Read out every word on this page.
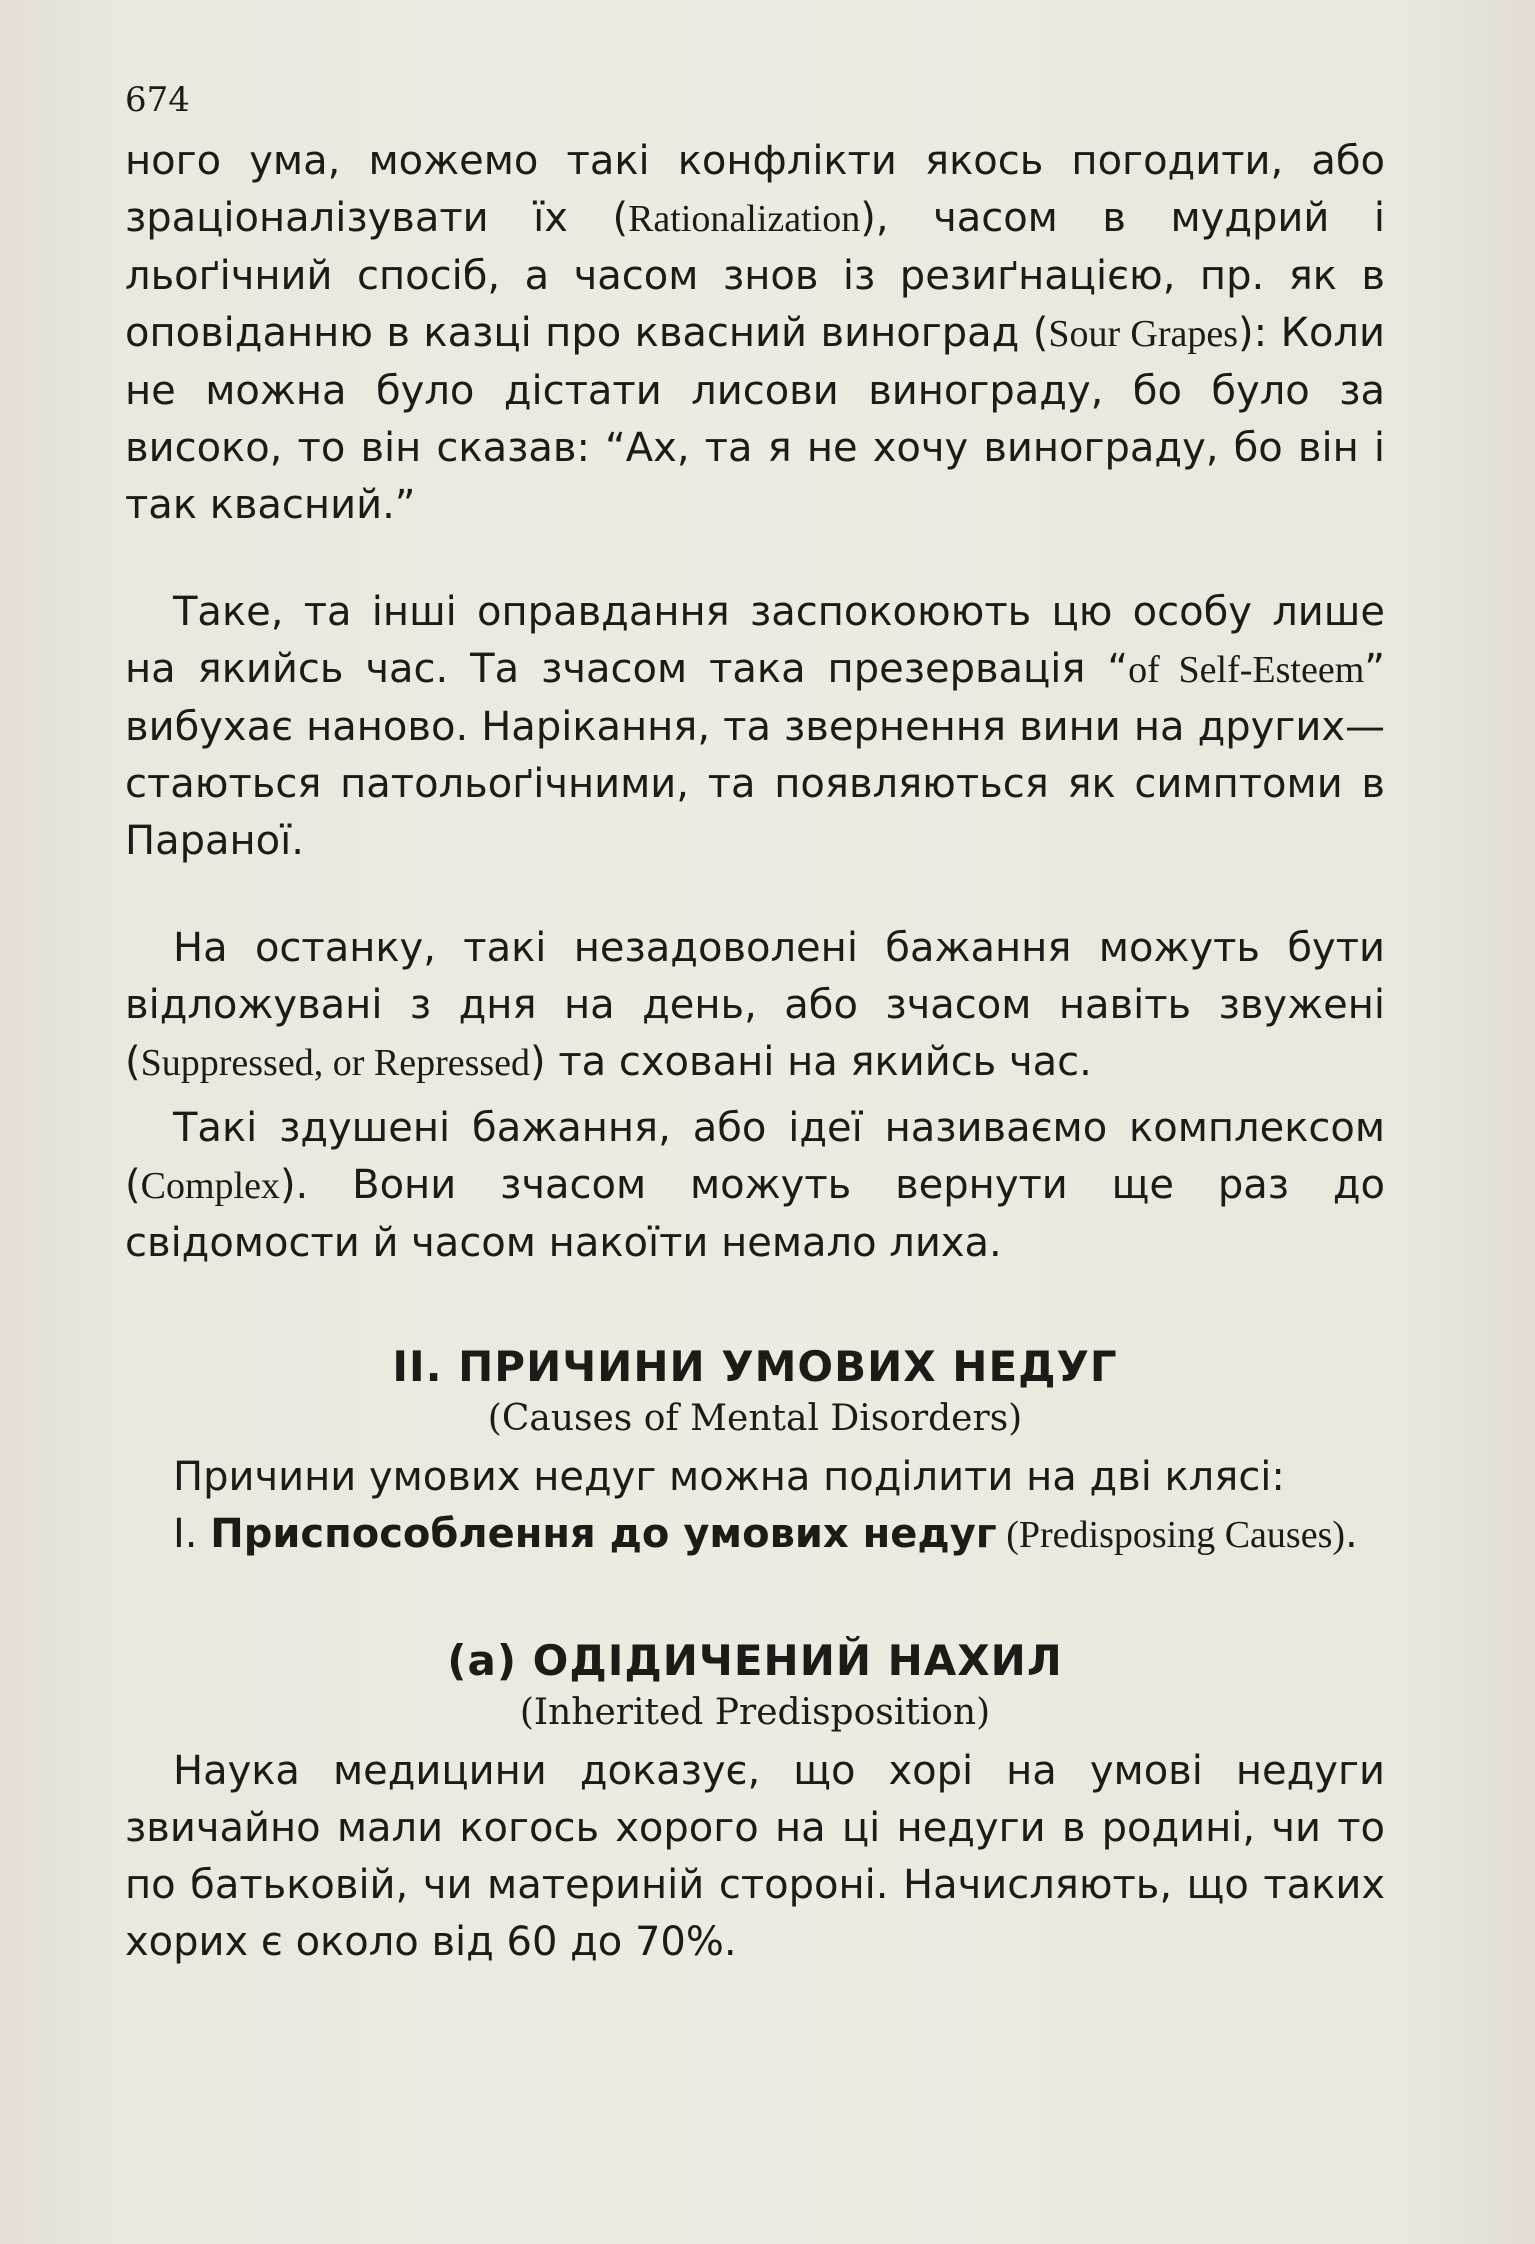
674

ного ума, можемо такі конфлікти якось погодити, або зраціоналізувати їх (Rationalization), часом в мудрий і льоґічний спосіб, а часом знов із резиґнацією, пр. як в оповіданню в казці про квасний виноград (Sour Grapes): Коли не можна було дістати лисови винограду, бо було за високо, то він сказав: “Ах, та я не хочу винограду, бо він і так квасний.”

Таке, та інші оправдання заспокоюють цю особу лише на якийсь час. Та зчасом така презервація “of Self-Esteem” вибухає наново. Нарікання, та звернення вини на других— стаються патольоґічними, та появляються як симптоми в Параної.

На останку, такі незадоволені бажання можуть бути відложувані з дня на день, або зчасом навіть звужені (Suppressed, or Repressed) та сховані на якийсь час.

Такі здушені бажання, або ідеї називаємо комплексом (Complex). Вони зчасом можуть вернути ще раз до свідомости й часом накоїти немало лиха.

II. ПРИЧИНИ УМОВИХ НЕДУГ
(Causes of Mental Disorders)

Причини умових недуг можна поділити на дві клясі:

I. Приспособлення до умових недуг (Predisposing Causes).

(а) ОДІДИЧЕНИЙ НАХИЛ
(Inherited Predisposition)

Наука медицини доказує, що хорі на умові недуги звичайно мали когось хорого на ці недуги в родині, чи то по батьковій, чи материній стороні. Начисляють, що таких хорих є около від 60 до 70%.
